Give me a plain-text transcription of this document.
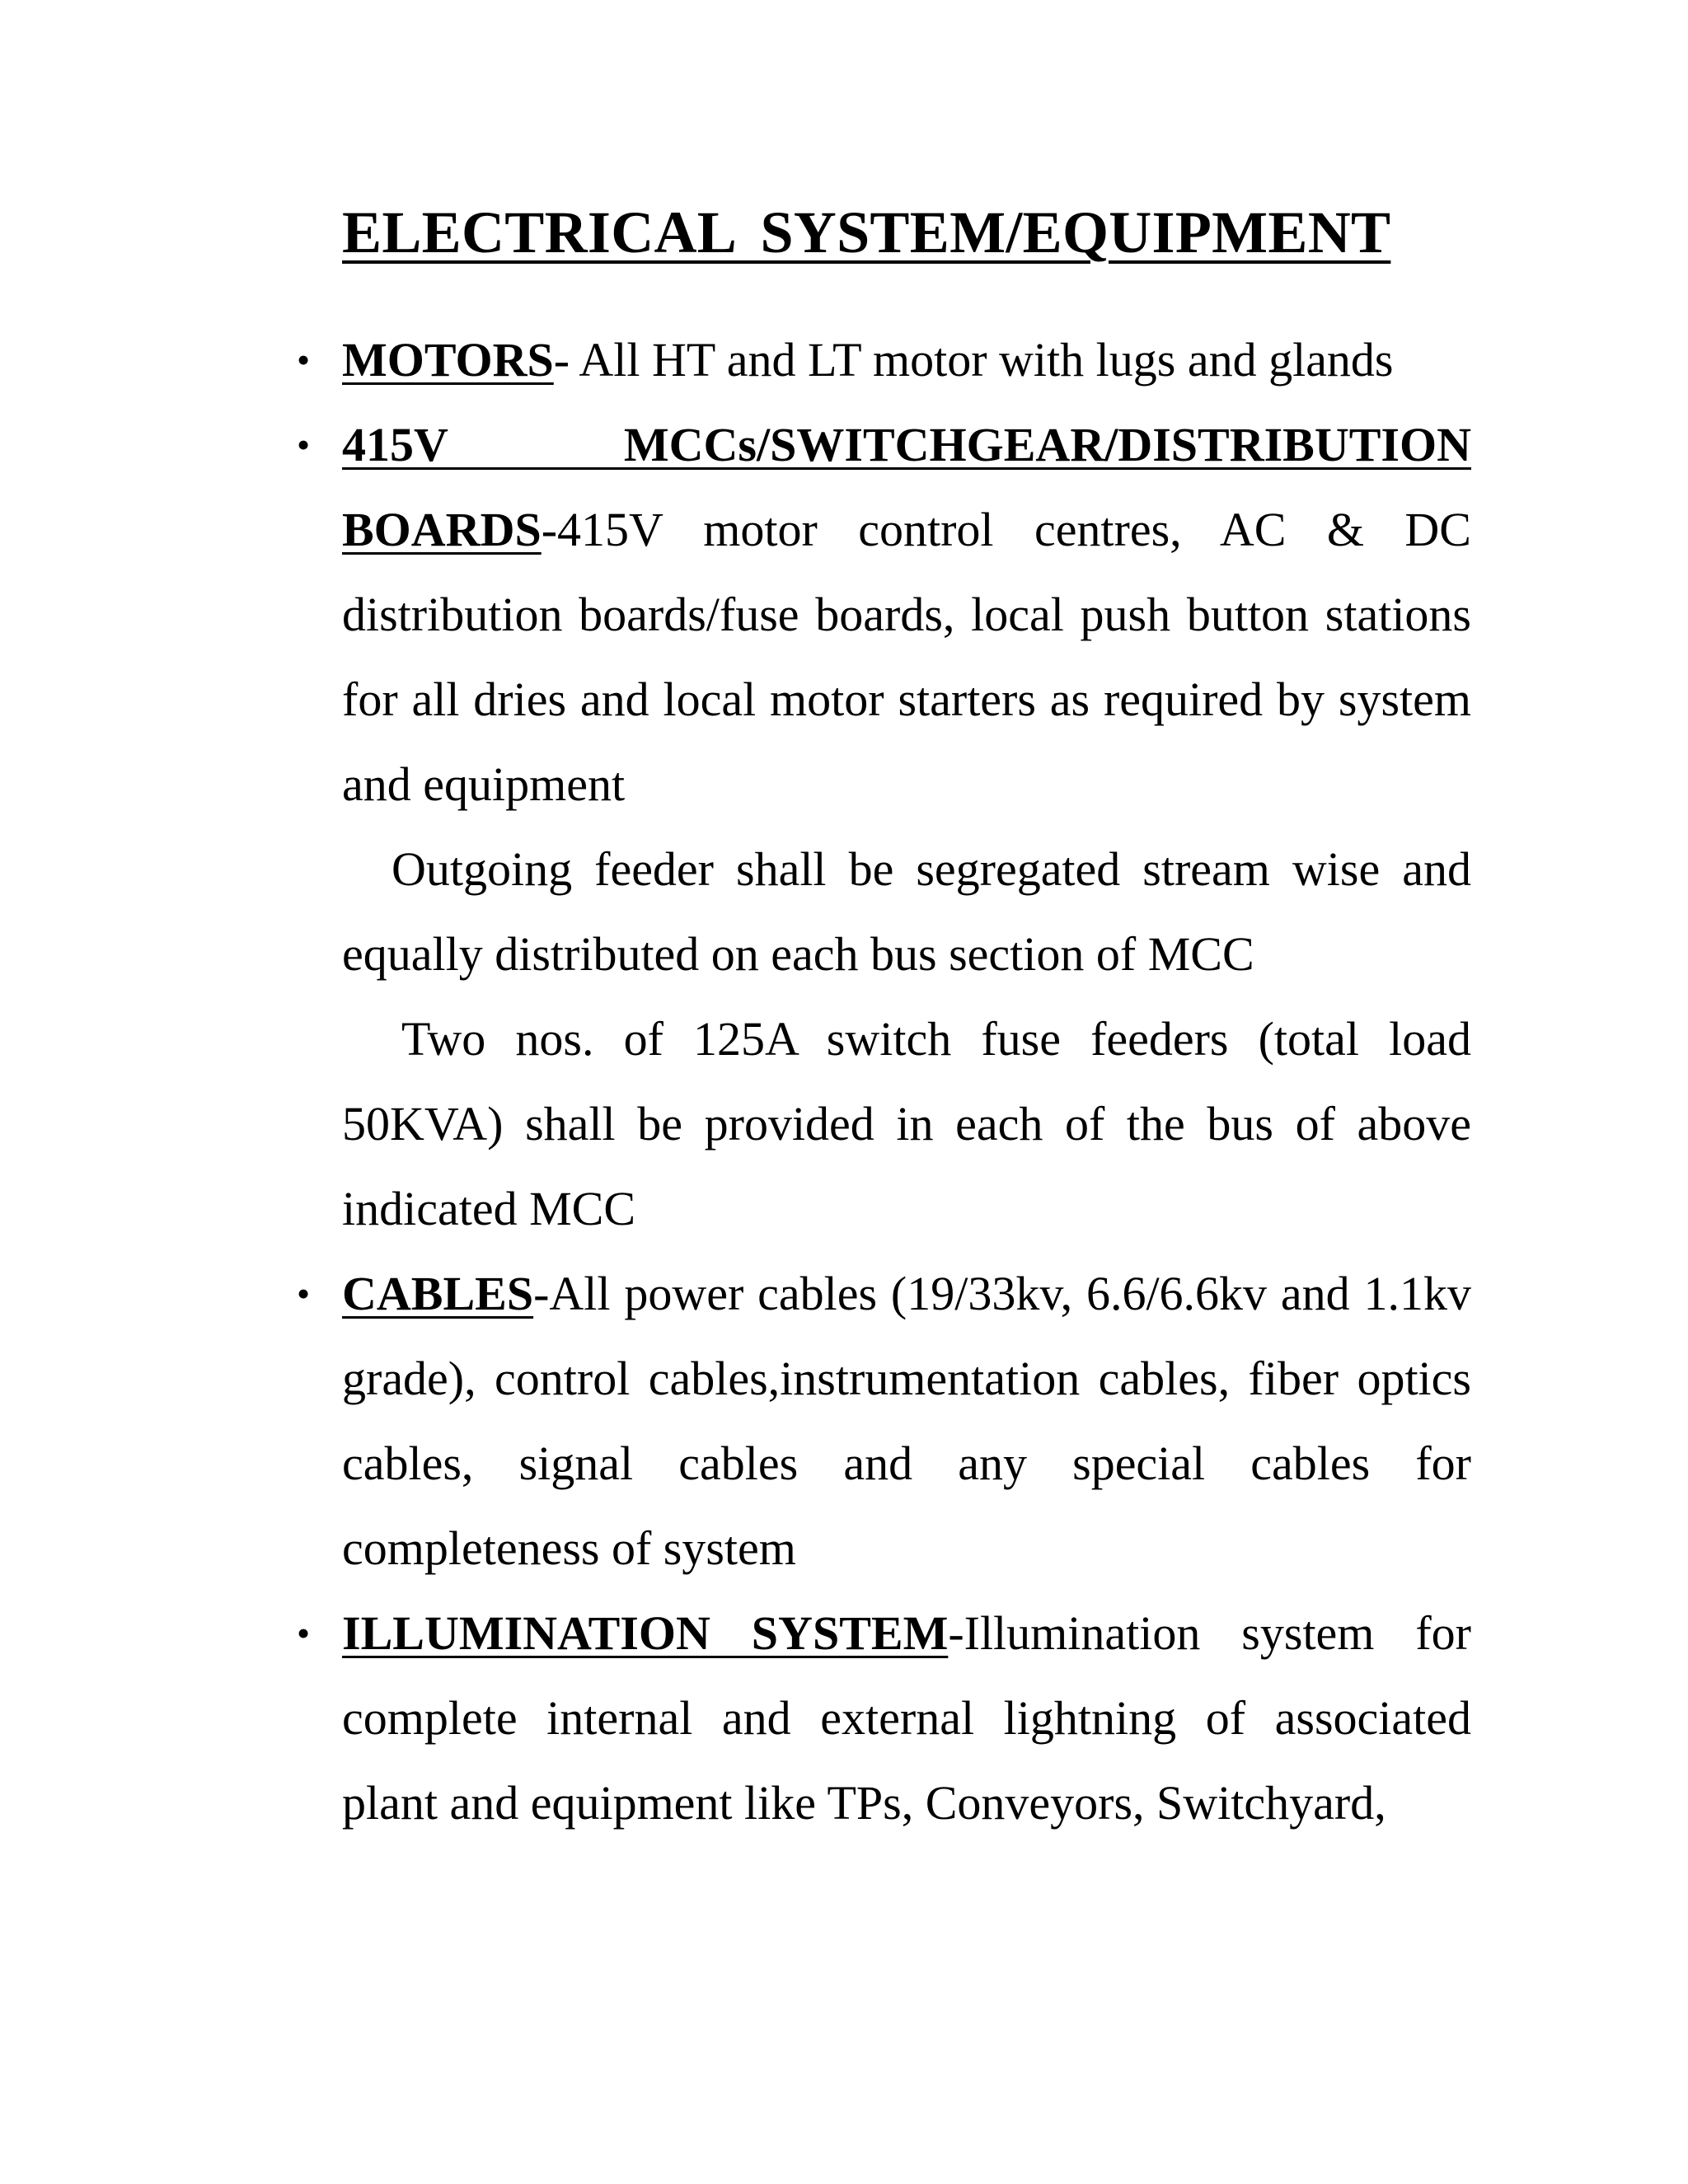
ELECTRICAL SYSTEM/EQUIPMENT
• MOTORS- All HT and LT motor with lugs and glands
• 415V MCCs/SWITCHGEAR/DISTRIBUTION
BOARDS-415V motor control centres, AC & DC distribution boards/fuse boards, local push button stations for all dries and local motor starters as required by system and equipment
Outgoing feeder shall be segregated stream wise and equally distributed on each bus section of MCC
Two nos. of 125A switch fuse feeders (total load 50KVA) shall be provided in each of the bus of above indicated MCC
• CABLES-All power cables (19/33kv, 6.6/6.6kv and 1.1kv grade), control cables,instrumentation cables, fiber optics cables, signal cables and any special cables for completeness of system
• ILLUMINATION SYSTEM-Illumination system for complete internal and external lightning of associated plant and equipment like TPs, Conveyors, Switchyard,
